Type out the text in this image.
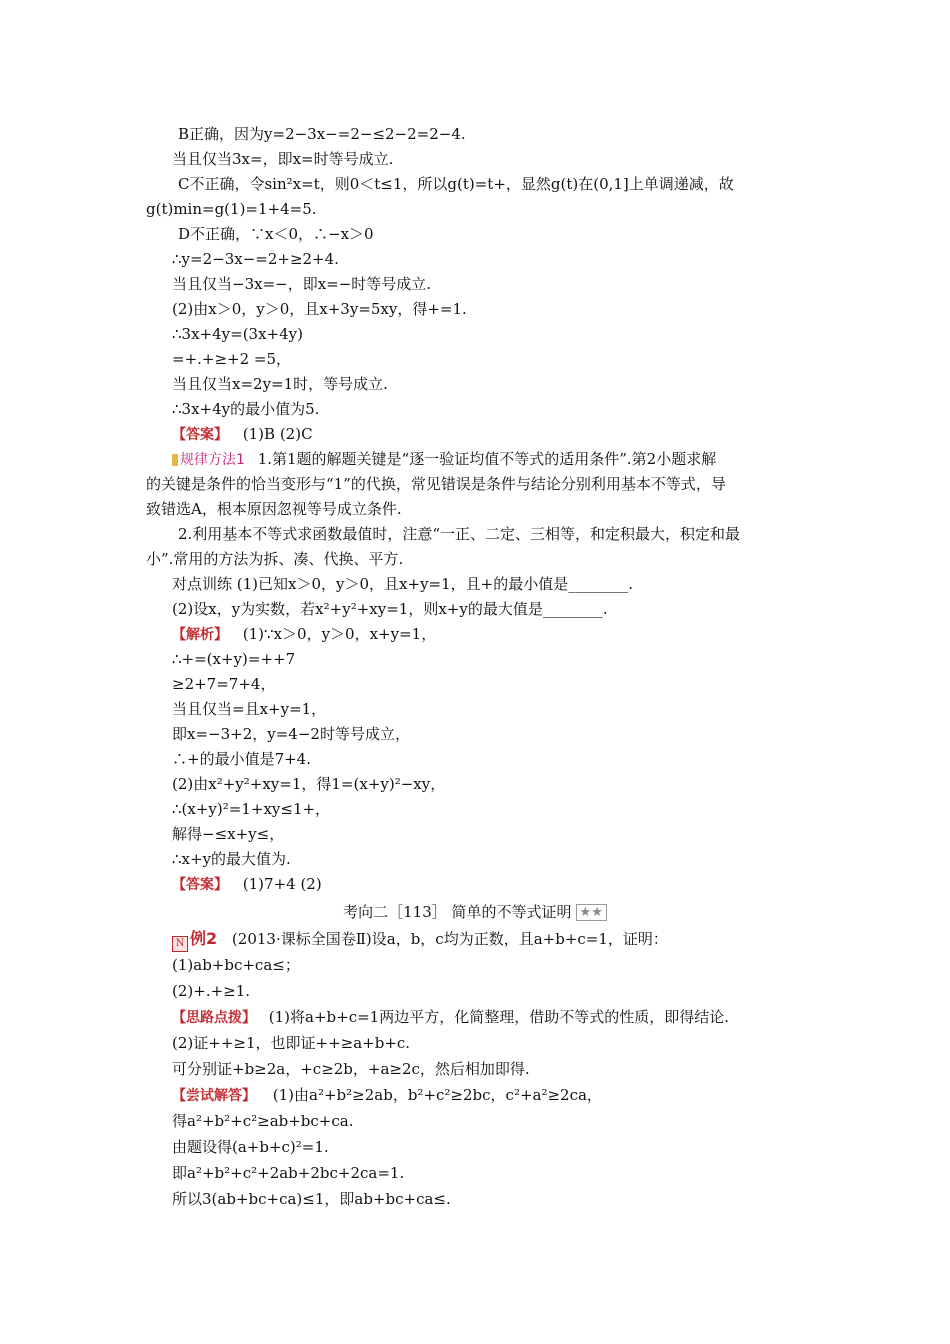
B正确，因为y=2−3x−=2−≤2−2=2−4.
当且仅当3x=，即x=时等号成立.
C不正确，令sin²x=t，则0＜t≤1，所以g(t)=t+，显然g(t)在(0,1]上单调递减，故
g(t)min=g(1)=1+4=5.
D不正确，∵x＜0，∴−x＞0
∴y=2−3x−=2+≥2+4.
当且仅当−3x=−，即x=−时等号成立.
(2)由x＞0，y＞0，且x+3y=5xy，得+=1.
∴3x+4y=(3x+4y)
=+.+≥+2 =5，
当且仅当x=2y=1时，等号成立.
∴3x+4y的最小值为5.
【答案】 (1)B (2)C
规律方法1 1.第1题的解题关键是“逐一验证均值不等式的适用条件”.第2小题求解
的关键是条件的恰当变形与“1”的代换，常见错误是条件与结论分别利用基本不等式，导
致错选A，根本原因忽视等号成立条件.
2.利用基本不等式求函数最值时，注意“一正、二定、三相等，和定积最大，积定和最
小”.常用的方法为拆、凑、代换、平方.
对点训练 (1)已知x＞0，y＞0，且x+y=1，且+的最小值是________.
(2)设x，y为实数，若x²+y²+xy=1，则x+y的最大值是________.
【解析】 (1)∵x＞0，y＞0，x+y=1，
∴+=(x+y)=++7
≥2+7=7+4，
当且仅当=且x+y=1，
即x=−3+2，y=4−2时等号成立，
∴+的最小值是7+4.
(2)由x²+y²+xy=1，得1=(x+y)²−xy，
∴(x+y)²=1+xy≤1+，
解得−≤x+y≤，
∴x+y的最大值为.
【答案】 (1)7+4 (2)
考向二［113］ 简单的不等式证明 ★★
N 例2 (2013·课标全国卷Ⅱ)设a，b，c均为正数，且a+b+c=1，证明：
(1)ab+bc+ca≤；
(2)+.+≥1.
【思路点拨】 (1)将a+b+c=1两边平方，化简整理，借助不等式的性质，即得结论.
(2)证++≥1，也即证++≥a+b+c.
可分别证+b≥2a，+c≥2b，+a≥2c，然后相加即得.
【尝试解答】 (1)由a²+b²≥2ab，b²+c²≥2bc，c²+a²≥2ca，
得a²+b²+c²≥ab+bc+ca.
由题设得(a+b+c)²=1.
即a²+b²+c²+2ab+2bc+2ca=1.
所以3(ab+bc+ca)≤1，即ab+bc+ca≤.
